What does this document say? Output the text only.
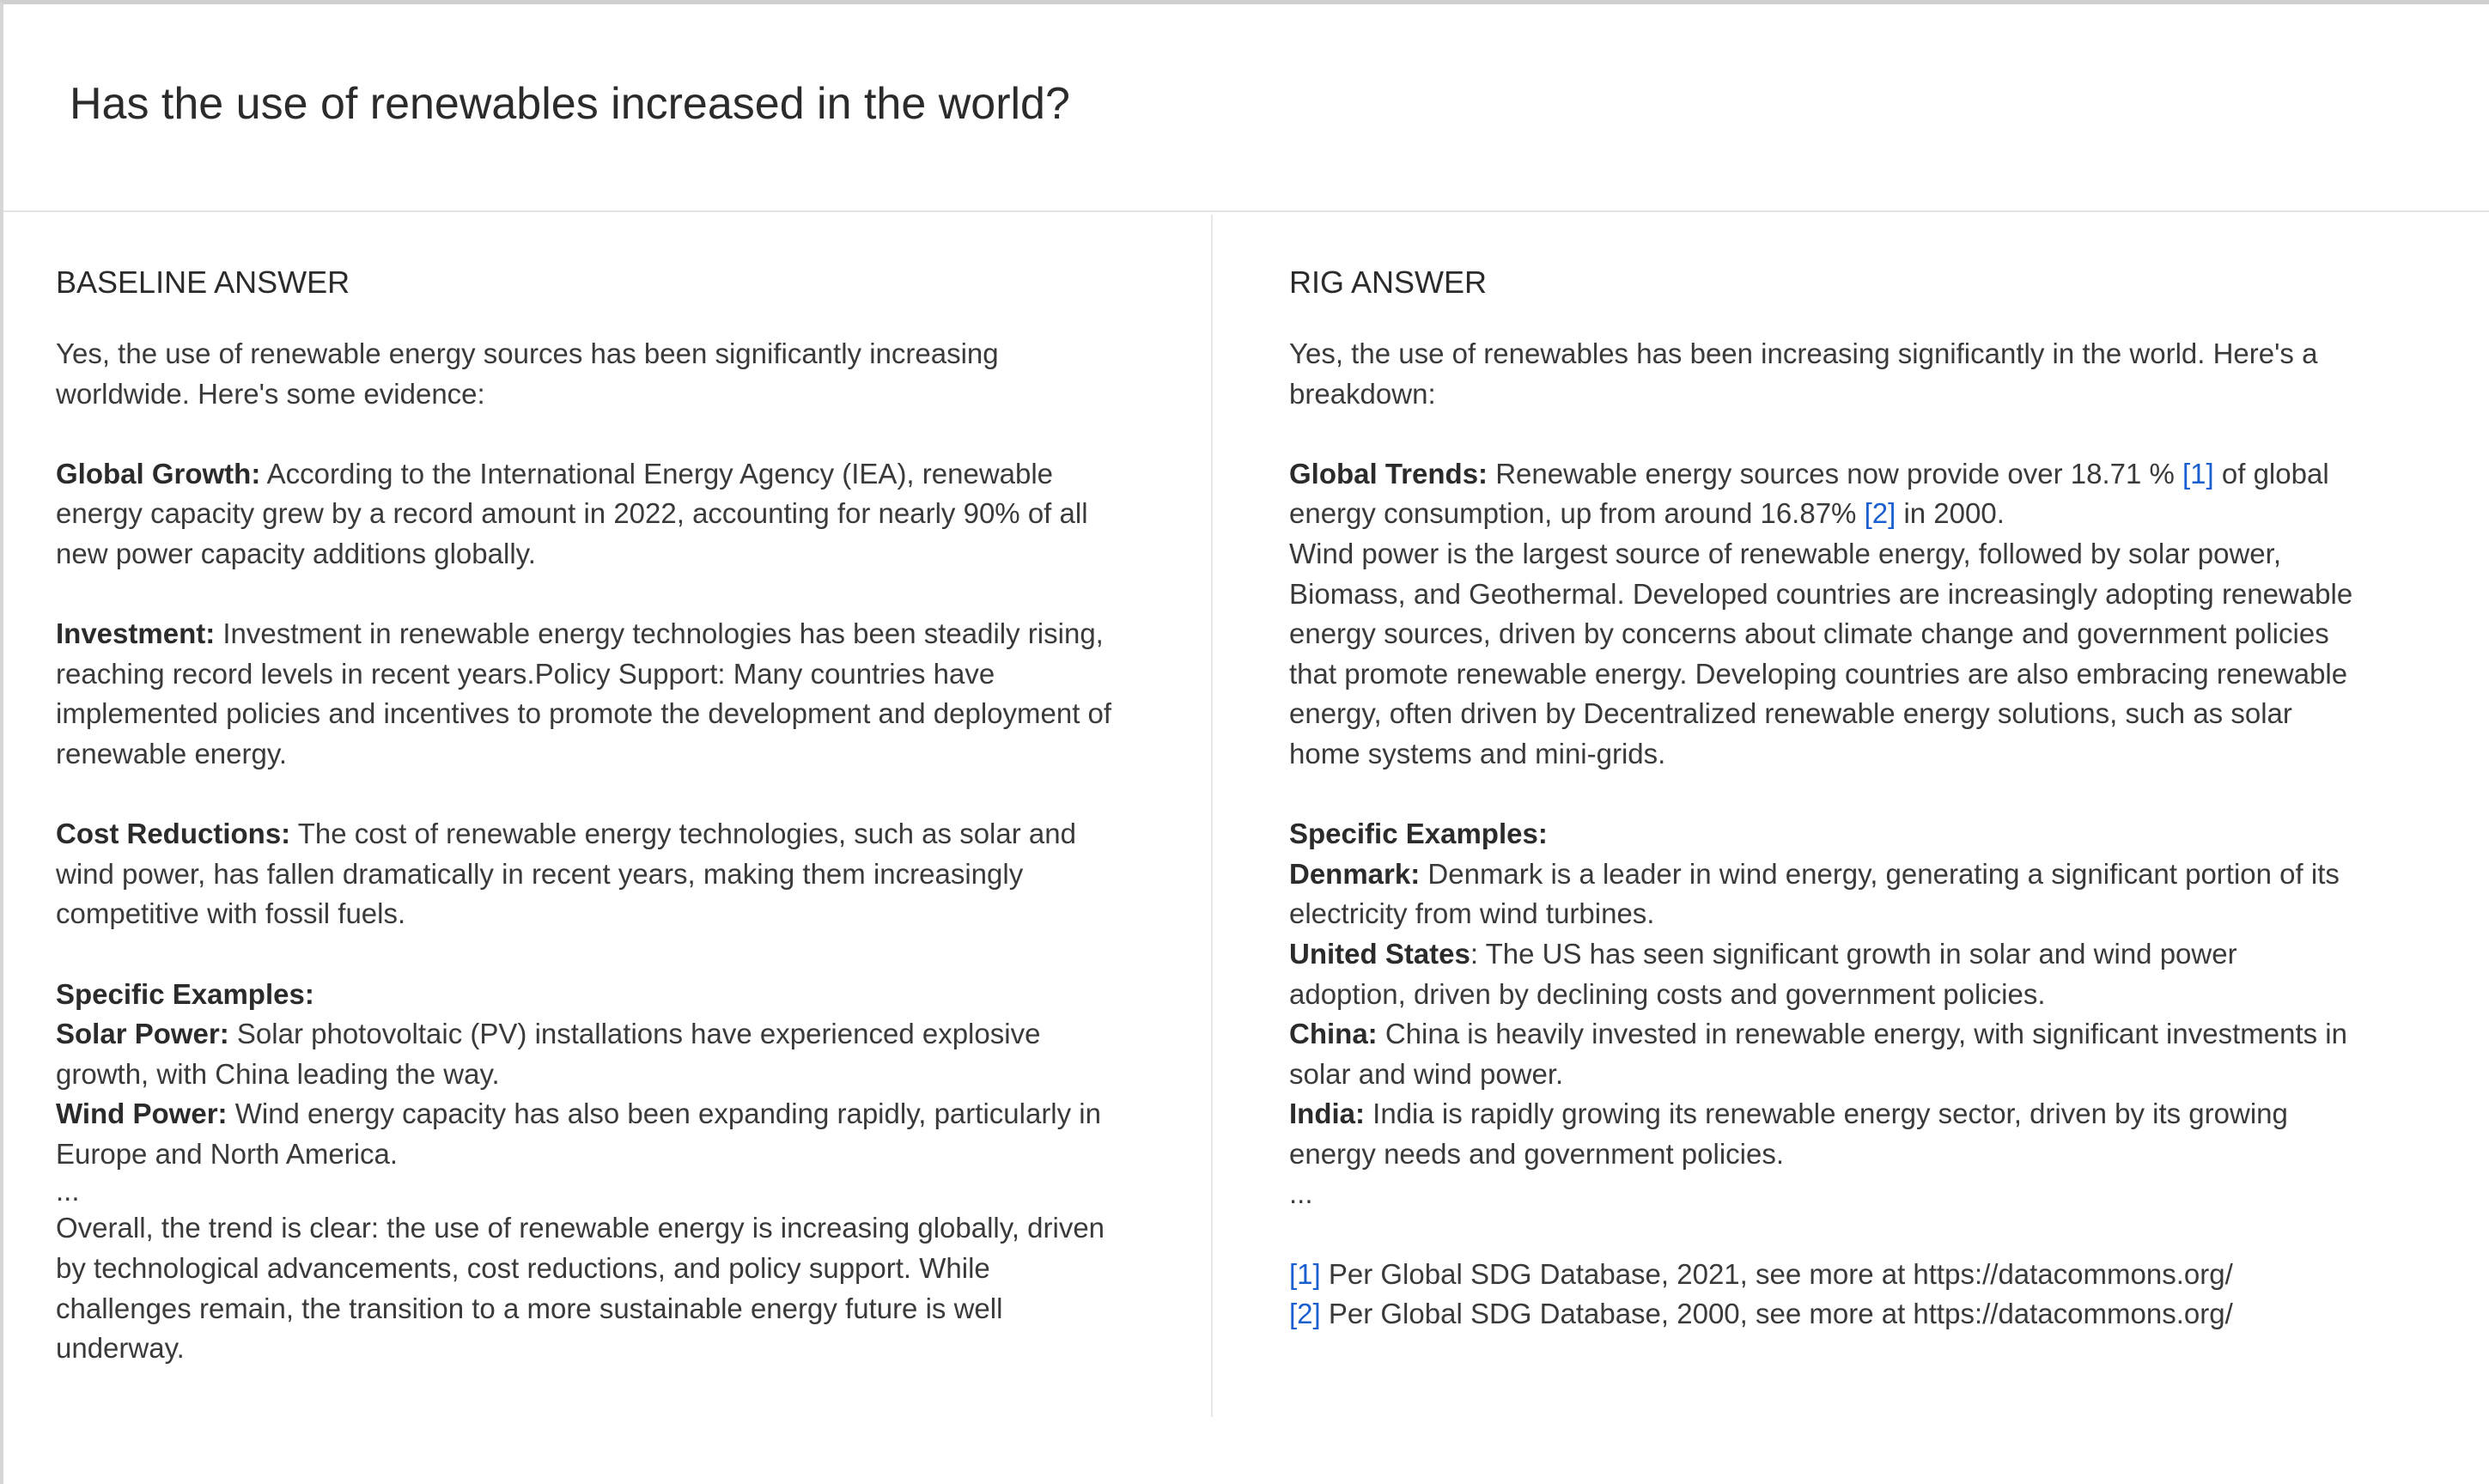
Has the use of renewables increased in the world?
BASELINE ANSWER

Yes, the use of renewable energy sources has been significantly increasing worldwide. Here's some evidence:

Global Growth: According to the International Energy Agency (IEA), renewable energy capacity grew by a record amount in 2022, accounting for nearly 90% of all new power capacity additions globally.

Investment: Investment in renewable energy technologies has been steadily rising, reaching record levels in recent years.Policy Support: Many countries have implemented policies and incentives to promote the development and deployment of renewable energy.

Cost Reductions: The cost of renewable energy technologies, such as solar and wind power, has fallen dramatically in recent years, making them increasingly competitive with fossil fuels.

Specific Examples:

Solar Power: Solar photovoltaic (PV) installations have experienced explosive growth, with China leading the way.

Wind Power: Wind energy capacity has also been expanding rapidly, particularly in Europe and North America.

...

Overall, the trend is clear: the use of renewable energy is increasing globally, driven by technological advancements, cost reductions, and policy support. While challenges remain, the transition to a more sustainable energy future is well underway.

RIG ANSWER

Yes, the use of renewables has been increasing significantly in the world. Here's a breakdown:

Global Trends: Renewable energy sources now provide over 18.71 % [1] of global energy consumption, up from around 16.87% [2] in 2000.

Wind power is the largest source of renewable energy, followed by solar power, Biomass, and Geothermal. Developed countries are increasingly adopting renewable energy sources, driven by concerns about climate change and government policies that promote renewable energy. Developing countries are also embracing renewable energy, often driven by Decentralized renewable energy solutions, such as solar home systems and mini-grids.

Specific Examples:

Denmark: Denmark is a leader in wind energy, generating a significant portion of its electricity from wind turbines.

United States: The US has seen significant growth in solar and wind power adoption, driven by declining costs and government policies.

China: China is heavily invested in renewable energy, with significant investments in solar and wind power.

India: India is rapidly growing its renewable energy sector, driven by its growing energy needs and government policies.

...

[1] Per Global SDG Database, 2021, see more at https://datacommons.org/

[2] Per Global SDG Database, 2000, see more at https://datacommons.org/
